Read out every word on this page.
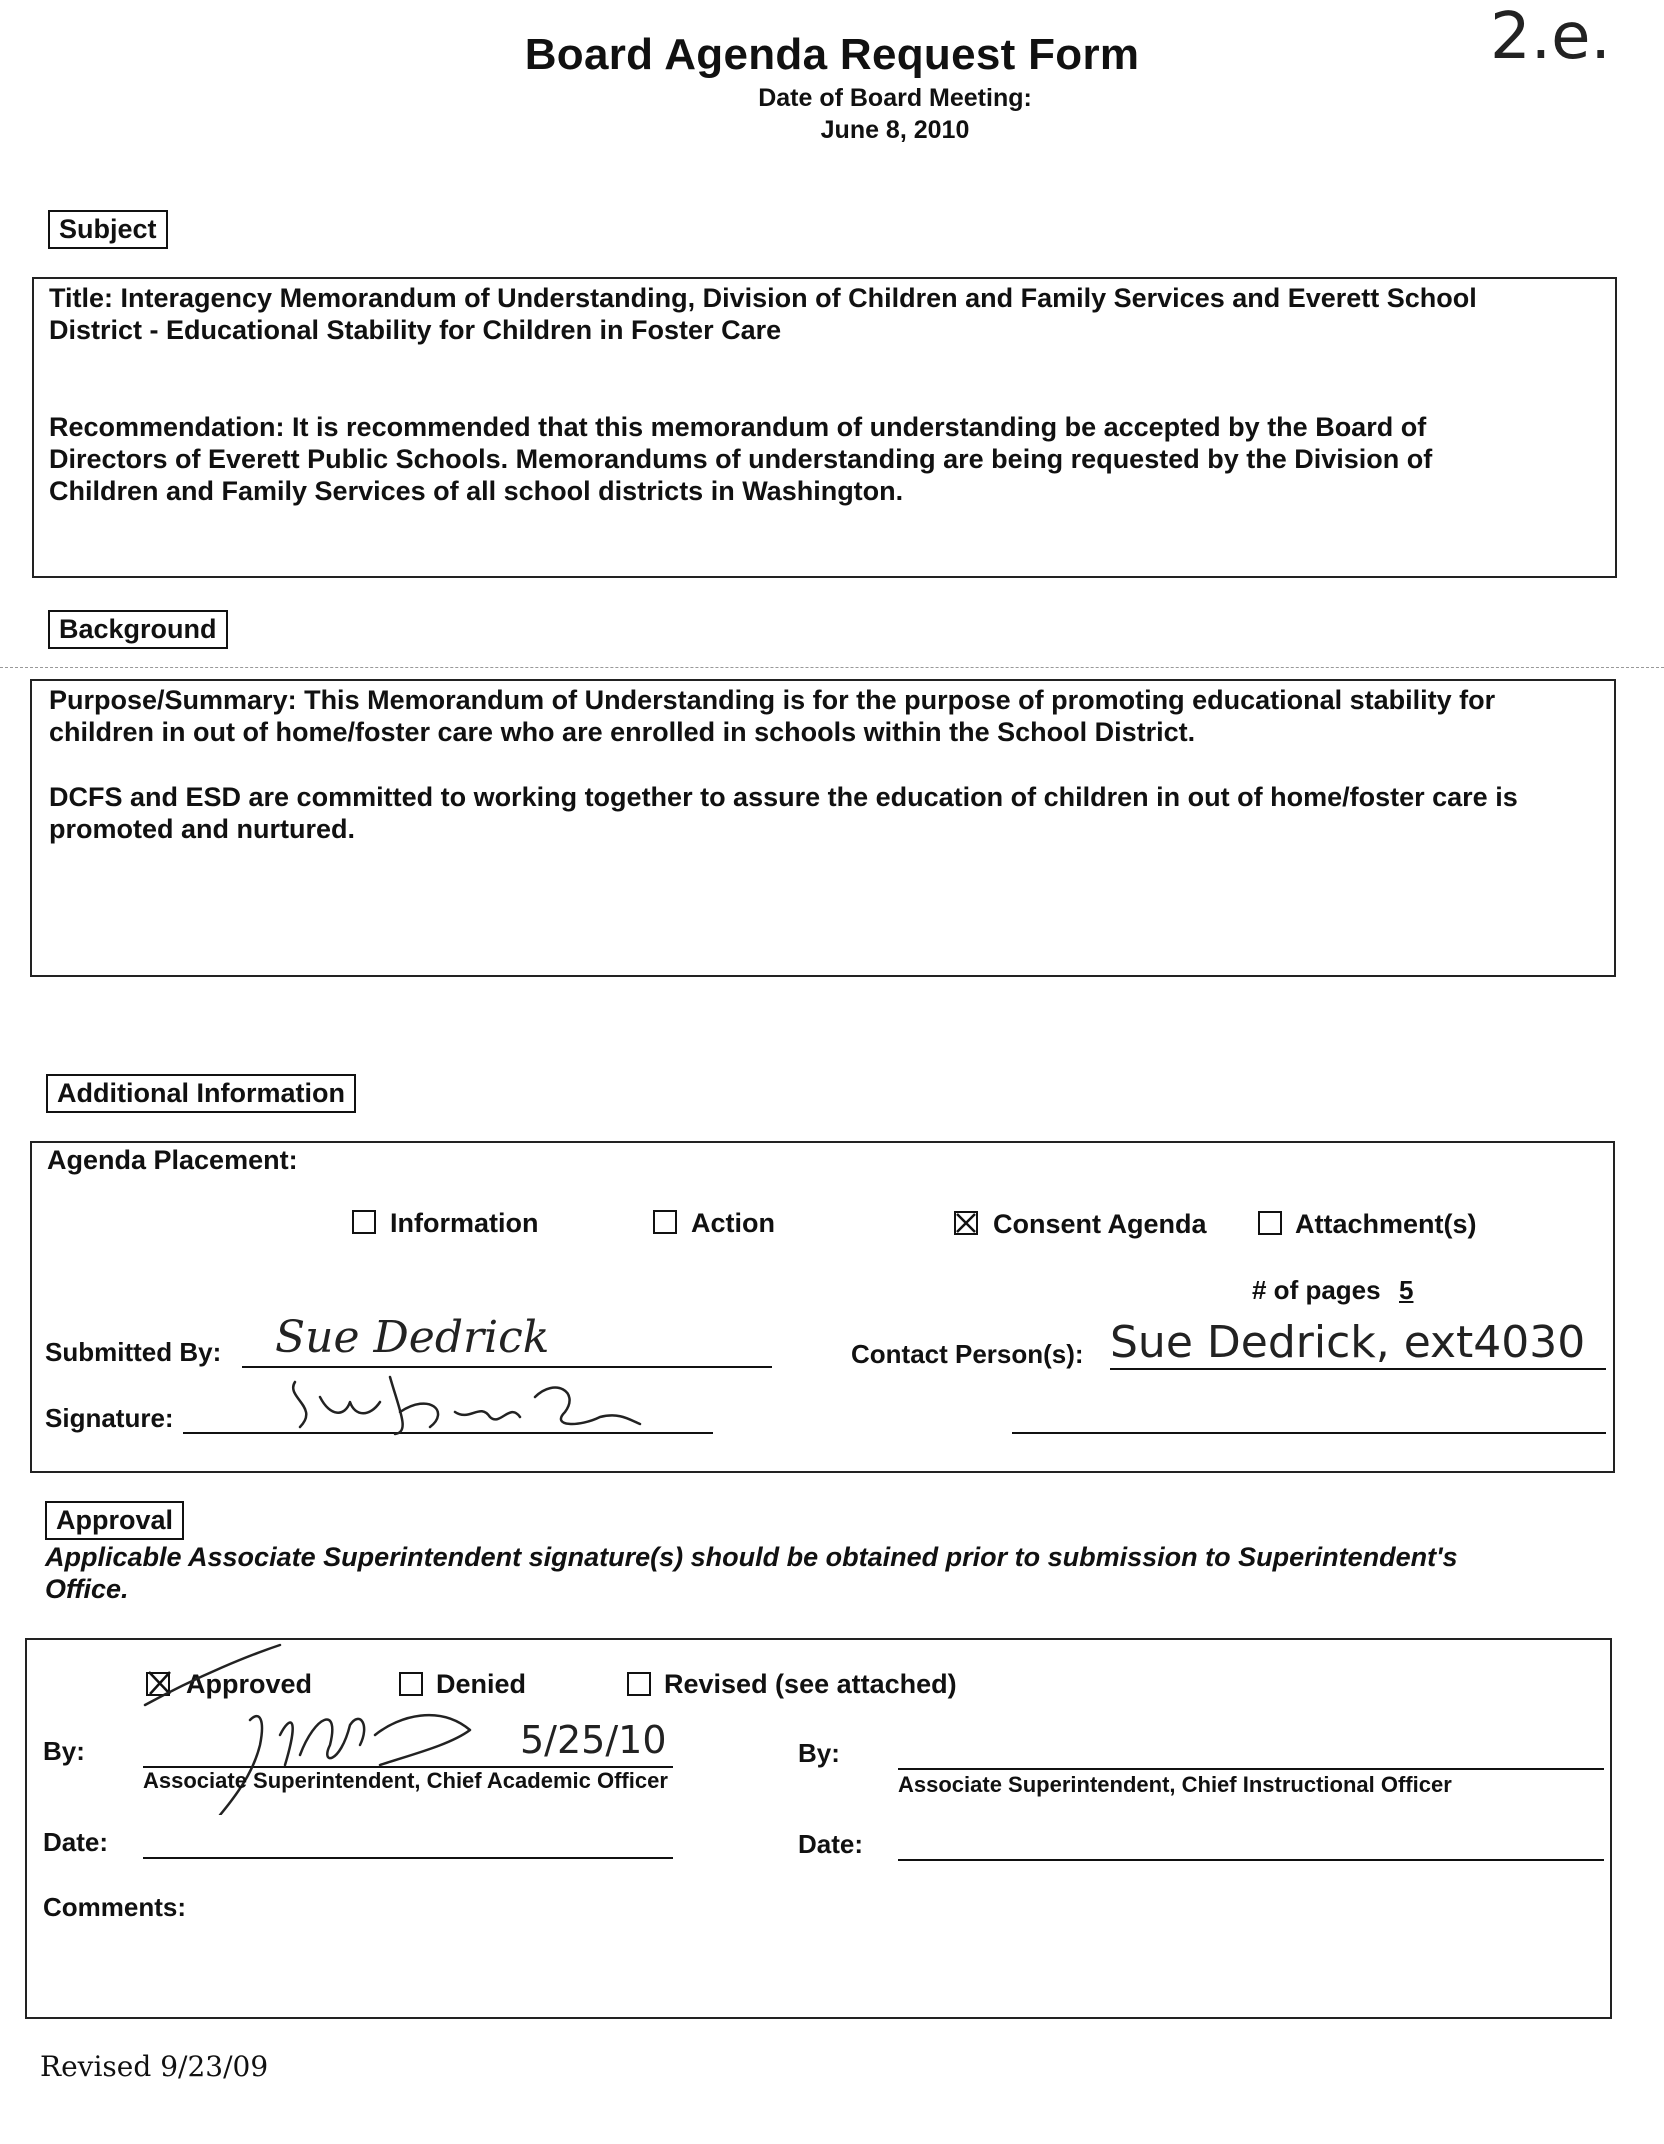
Board Agenda Request Form
Date of Board Meeting:
June 8, 2010
2.e.
Subject
Title: Interagency Memorandum of Understanding, Division of Children and Family Services and Everett School
District - Educational Stability for Children in Foster Care
Recommendation: It is recommended that this memorandum of understanding be accepted by the Board of
Directors of Everett Public Schools. Memorandums of understanding are being requested by the Division of
Children and Family Services of all school districts in Washington.
Background
Purpose/Summary: This Memorandum of Understanding is for the purpose of promoting educational stability for
children in out of home/foster care who are enrolled in schools within the School District.
DCFS and ESD are committed to working together to assure the education of children in out of home/foster care is
promoted and nurtured.
Additional Information
Agenda Placement:
Information	Action	Consent Agenda	Attachment(s)
# of pages 5
Submitted By: Sue Dedrick	Contact Person(s): Sue Dedrick, ext4030
Signature:
Approval
Applicable Associate Superintendent signature(s) should be obtained prior to submission to Superintendent's
Office.
Approved	Denied	Revised (see attached)
By:	5/25/10
Associate Superintendent, Chief Academic Officer
By:
Associate Superintendent, Chief Instructional Officer
Date:	Date:
Comments:
Revised 9/23/09
